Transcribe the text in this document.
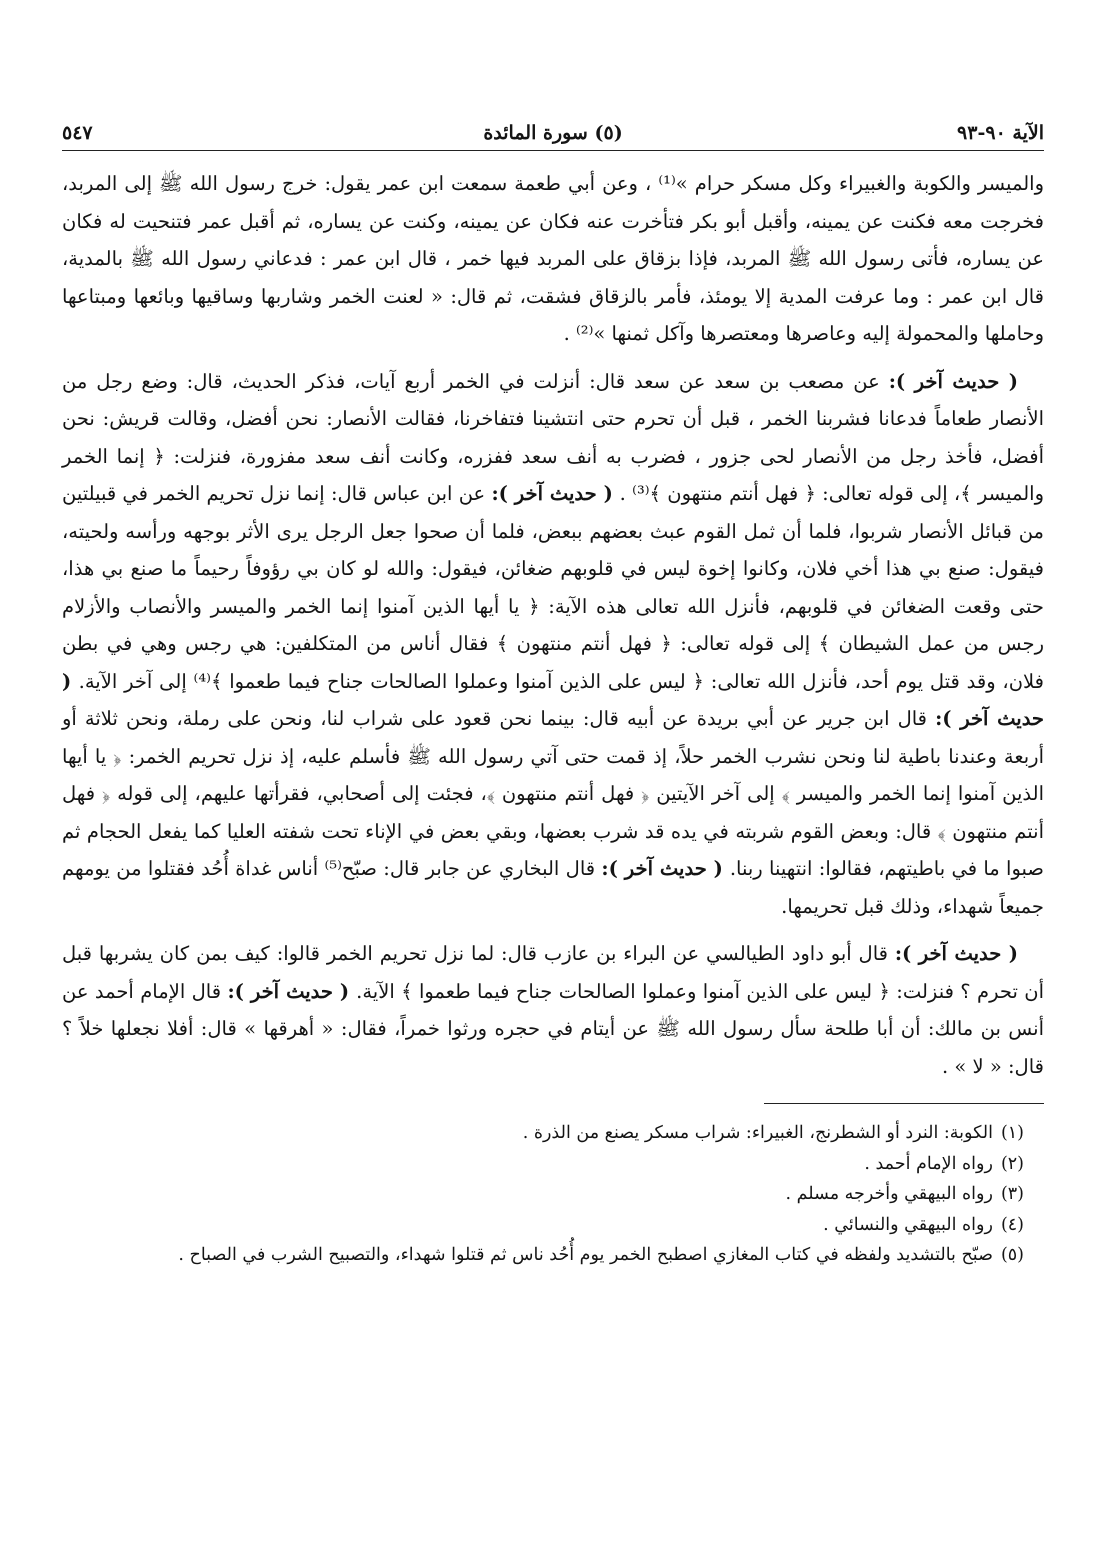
الآية ٩٠-٩٣
(٥) سورة المائدة
٥٤٧

والميسر والكوبة والغبيراء وكل مسكر حرام »⁽¹⁾ ، وعن أبي طعمة سمعت ابن عمر يقول: خرج رسول الله ﷺ إلى المربد، فخرجت معه فكنت عن يمينه، وأقبل أبو بكر فتأخرت عنه فكان عن يمينه، وكنت عن يساره، ثم أقبل عمر فتنحيت له فكان عن يساره، فأتى رسول الله ﷺ المربد، فإذا بزقاق على المربد فيها خمر ، قال ابن عمر : فدعاني رسول الله ﷺ بالمدية، قال ابن عمر : وما عرفت المدية إلا يومئذ، فأمر بالزقاق فشقت، ثم قال: « لعنت الخمر وشاربها وساقيها وبائعها ومبتاعها وحاملها والمحمولة إليه وعاصرها ومعتصرها وآكل ثمنها »⁽²⁾ .

( حديث آخر ): عن مصعب بن سعد عن سعد قال: أنزلت في الخمر أربع آيات، فذكر الحديث، قال: وضع رجل من الأنصار طعاماً فدعانا فشربنا الخمر ، قبل أن تحرم حتى انتشينا فتفاخرنا، فقالت الأنصار: نحن أفضل، وقالت قريش: نحن أفضل، فأخذ رجل من الأنصار لحى جزور ، فضرب به أنف سعد ففزره، وكانت أنف سعد مفزورة، فنزلت: ﴿ إنما الخمر والميسر ﴾، إلى قوله تعالى: ﴿ فهل أنتم منتهون ﴾⁽³⁾ . ( حديث آخر ): عن ابن عباس قال: إنما نزل تحريم الخمر في قبيلتين من قبائل الأنصار شربوا، فلما أن ثمل القوم عبث بعضهم ببعض، فلما أن صحوا جعل الرجل يرى الأثر بوجهه ورأسه ولحيته، فيقول: صنع بي هذا أخي فلان، وكانوا إخوة ليس في قلوبهم ضغائن، فيقول: والله لو كان بي رؤوفاً رحيماً ما صنع بي هذا، حتى وقعت الضغائن في قلوبهم، فأنزل الله تعالى هذه الآية: ﴿ يا أيها الذين آمنوا إنما الخمر والميسر والأنصاب والأزلام رجس من عمل الشيطان ﴾ إلى قوله تعالى: ﴿ فهل أنتم منتهون ﴾ فقال أناس من المتكلفين: هي رجس وهي في بطن فلان، وقد قتل يوم أحد، فأنزل الله تعالى: ﴿ ليس على الذين آمنوا وعملوا الصالحات جناح فيما طعموا ﴾⁽⁴⁾ إلى آخر الآية. ( حديث آخر ): قال ابن جرير عن أبي بريدة عن أبيه قال: بينما نحن قعود على شراب لنا، ونحن على رملة، ونحن ثلاثة أو أربعة وعندنا باطية لنا ونحن نشرب الخمر حلاً، إذ قمت حتى آتي رسول الله ﷺ فأسلم عليه، إذ نزل تحريم الخمر: ﴿ يا أيها الذين آمنوا إنما الخمر والميسر ﴾ إلى آخر الآيتين ﴿ فهل أنتم منتهون ﴾، فجئت إلى أصحابي، فقرأتها عليهم، إلى قوله ﴿ فهل أنتم منتهون ﴾ قال: وبعض القوم شربته في يده قد شرب بعضها، وبقي بعض في الإناء تحت شفته العليا كما يفعل الحجام ثم صبوا ما في باطيتهم، فقالوا: انتهينا ربنا. ( حديث آخر ): قال البخاري عن جابر قال: صبّح⁽⁵⁾ أناس غداة أُحُد فقتلوا من يومهم جميعاً شهداء، وذلك قبل تحريمها.

( حديث آخر ): قال أبو داود الطيالسي عن البراء بن عازب قال: لما نزل تحريم الخمر قالوا: كيف بمن كان يشربها قبل أن تحرم ؟ فنزلت: ﴿ ليس على الذين آمنوا وعملوا الصالحات جناح فيما طعموا ﴾ الآية. ( حديث آخر ): قال الإمام أحمد عن أنس بن مالك: أن أبا طلحة سأل رسول الله ﷺ عن أيتام في حجره ورثوا خمراً، فقال: « أهرقها » قال: أفلا نجعلها خلاً ؟ قال: « لا » .

(١)الكوبة: النرد أو الشطرنج، الغبيراء: شراب مسكر يصنع من الذرة .
(٢)رواه الإمام أحمد .
(٣)رواه البيهقي وأخرجه مسلم .
(٤)رواه البيهقي والنسائي .
(٥)صبّح بالتشديد ولفظه في كتاب المغازي اصطبح الخمر يوم أُحُد ناس ثم قتلوا شهداء، والتصبيح الشرب في الصباح .
